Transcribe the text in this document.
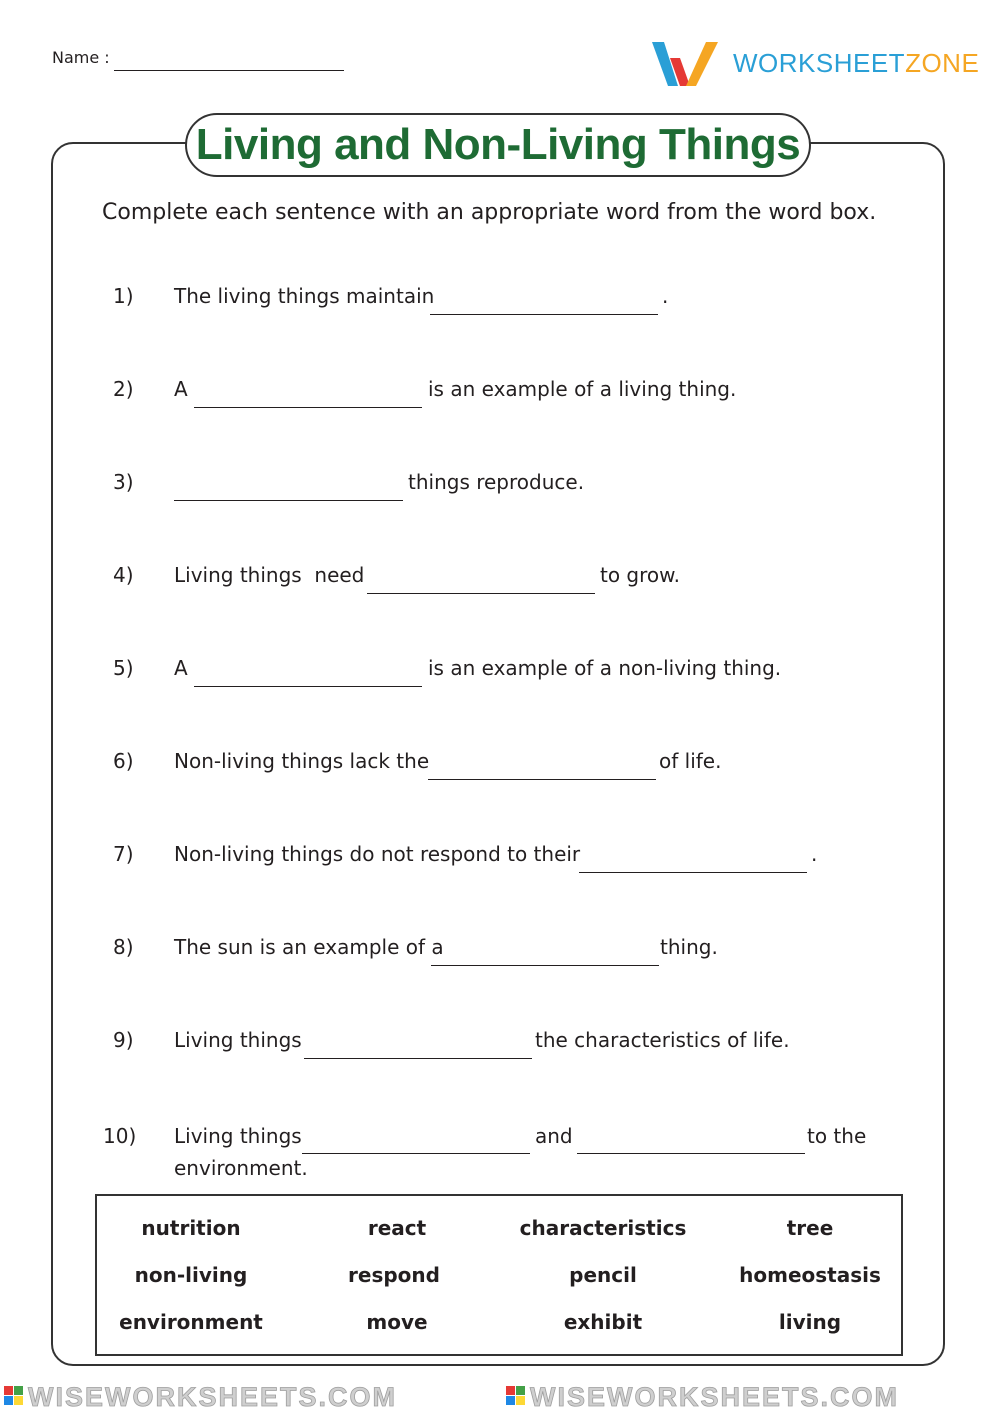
Name :	WORKSHEETZONE
Living and Non-Living Things
Complete each sentence with an appropriate word from the word box.
1) The living things maintain	.
2) A	is an example of a living thing.
3)	things reproduce.
4) Living things  need	to grow.
5) A	is an example of a non-living thing.
6) Non-living things lack the	of life.
7) Non-living things do not respond to their	.
8) The sun is an example of a	thing.
9) Living things	the characteristics of life.
10) Living things	and	to the
environment.
nutrition	react	characteristics	tree
non-living	respond	pencil	homeostasis
environment	move	exhibit	living
WISEWORKSHEETS.COM	WISEWORKSHEETS.COM
